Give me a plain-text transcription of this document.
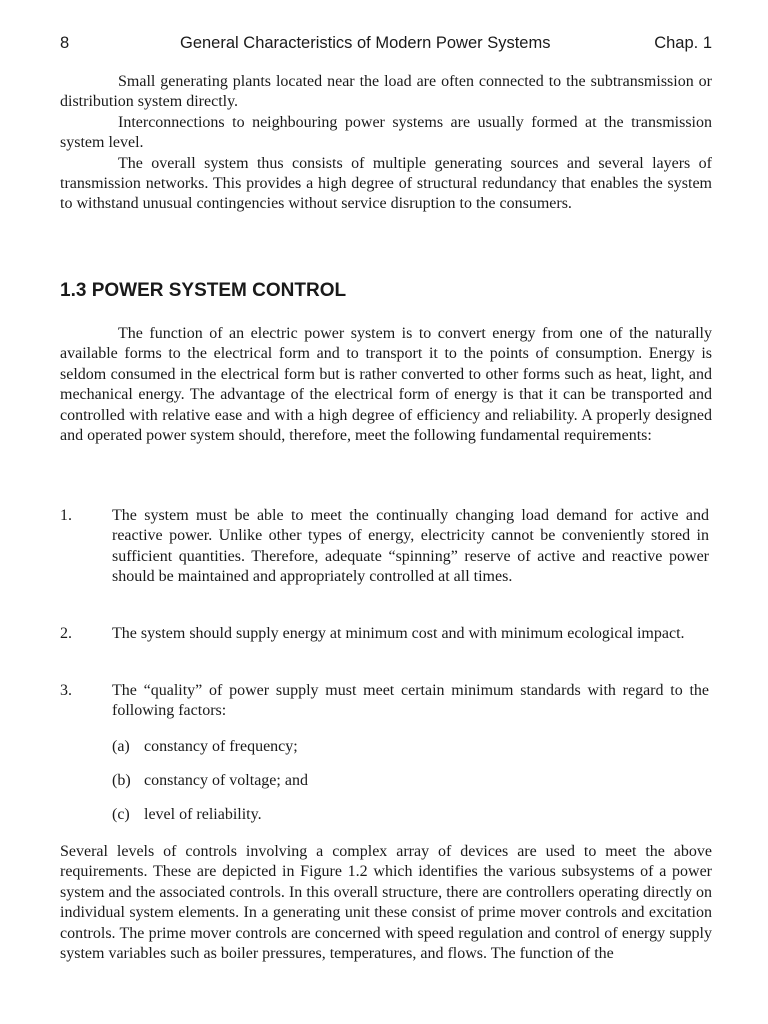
8	General Characteristics of Modern Power Systems	Chap. 1

Small generating plants located near the load are often connected to the subtransmission or distribution system directly.

Interconnections to neighbouring power systems are usually formed at the transmission system level.

The overall system thus consists of multiple generating sources and several layers of transmission networks. This provides a high degree of structural redundancy that enables the system to withstand unusual contingencies without service disruption to the consumers.

1.3 POWER SYSTEM CONTROL

The function of an electric power system is to convert energy from one of the naturally available forms to the electrical form and to transport it to the points of consumption. Energy is seldom consumed in the electrical form but is rather converted to other forms such as heat, light, and mechanical energy. The advantage of the electrical form of energy is that it can be transported and controlled with relative ease and with a high degree of efficiency and reliability. A properly designed and operated power system should, therefore, meet the following fundamental requirements:

1.	The system must be able to meet the continually changing load demand for active and reactive power. Unlike other types of energy, electricity cannot be conveniently stored in sufficient quantities. Therefore, adequate “spinning” reserve of active and reactive power should be maintained and appropriately controlled at all times.
2.	The system should supply energy at minimum cost and with minimum ecological impact.
3.	The “quality” of power supply must meet certain minimum standards with regard to the following factors:
(a) constancy of frequency;
(b) constancy of voltage; and
(c) level of reliability.

Several levels of controls involving a complex array of devices are used to meet the above requirements. These are depicted in Figure 1.2 which identifies the various subsystems of a power system and the associated controls. In this overall structure, there are controllers operating directly on individual system elements. In a generating unit these consist of prime mover controls and excitation controls. The prime mover controls are concerned with speed regulation and control of energy supply system variables such as boiler pressures, temperatures, and flows. The function of the
